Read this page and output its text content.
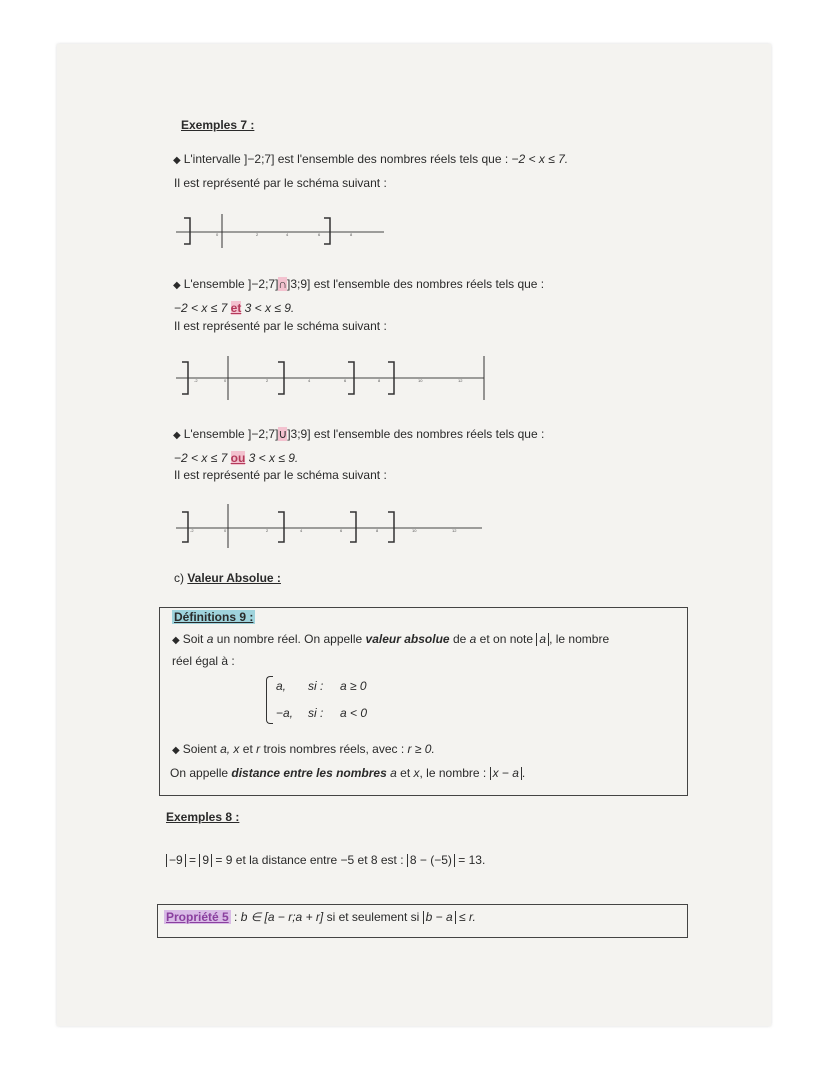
Exemples 7 :
◆ L'intervalle ]−2;7] est l'ensemble des nombres réels tels que : −2 < x ≤ 7.
Il est représenté par le schéma suivant :
0	2	4	6	8
◆ L'ensemble ]−2;7]∩]3;9] est l'ensemble des nombres réels tels que :
−2 < x ≤ 7 et 3 < x ≤ 9.
Il est représenté par le schéma suivant :
-2	0	2	4	6	8	10	12
◆ L'ensemble ]−2;7]∪]3;9] est l'ensemble des nombres réels tels que :
−2 < x ≤ 7 ou 3 < x ≤ 9.
Il est représenté par le schéma suivant :
-2	0	2	4	6	8	10	12
c) Valeur Absolue :
Définitions 9 :
◆ Soit a un nombre réel. On appelle valeur absolue de a et on note a , le nombre
réel égal à :
a, si : a ≥ 0
−a, si : a < 0
◆ Soient a, x et r trois nombres réels, avec : r ≥ 0.
On appelle distance entre les nombres a et x, le nombre : x − a .
Exemples 8 :
−9 = 9 = 9 et la distance entre −5 et 8 est : 8 − (−5) = 13.
Propriété 5 : b ∈ [a − r;a + r] si et seulement si b − a ≤ r.
